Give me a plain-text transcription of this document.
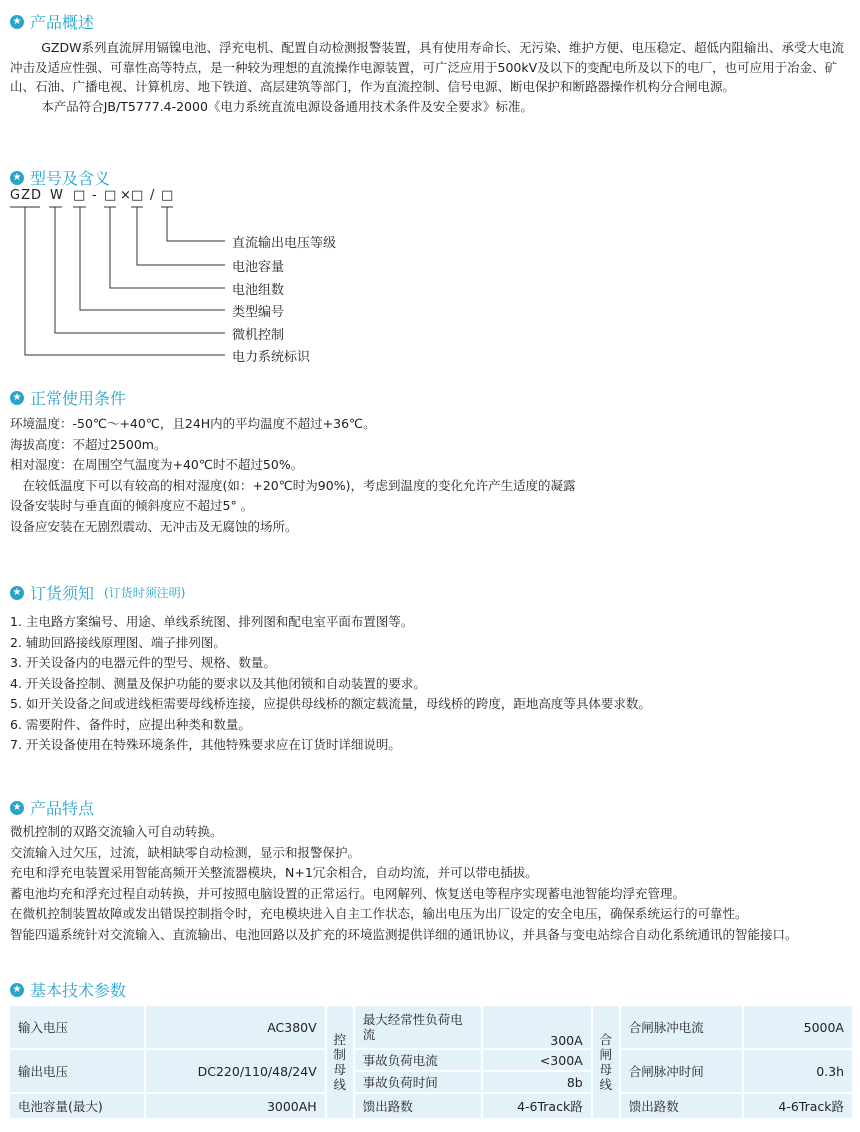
★ 产品概述

GZDW系列直流屏用镉镍电池、浮充电机、配置自动检测报警装置，具有使用寿命长、无污染、维护方便、电压稳定、超低内阻输出、承受大电流冲击及适应性强、可靠性高等特点，是一种较为理想的直流操作电源装置，可广泛应用于500kV及以下的变配电所及以下的电厂，也可应用于冶金、矿山、石油、广播电视、计算机房、地下铁道、高层建筑等部门，作为直流控制、信号电源、断电保护和断路器操作机构分合闸电源。

本产品符合JB/T5777.4-2000《电力系统直流电源设备通用技术条件及安全要求》标准。

★ 型号及含义
GZD W □ - □ × □ / □
直流输出电压等级
电池容量
电池组数
类型编号
微机控制
电力系统标识
★ 正常使用条件

环境温度：-50℃～+40℃，且24H内的平均温度不超过+36℃。

海拔高度：不超过2500m。

相对湿度：在周围空气温度为+40℃时不超过50%。

在较低温度下可以有较高的相对湿度(如：+20℃时为90%)，考虑到温度的变化允许产生适度的凝露

设备安装时与垂直面的倾斜度应不超过5° 。

设备应安装在无剧烈震动、无冲击及无腐蚀的场所。

★ 订货须知 (订货时须注明)

1. 主电路方案编号、用途、单线系统图、排列图和配电室平面布置图等。

2. 辅助回路接线原理图、端子排列图。

3. 开关设备内的电器元件的型号、规格、数量。

4. 开关设备控制、测量及保护功能的要求以及其他闭锁和自动装置的要求。

5. 如开关设备之间或进线柜需要母线桥连接，应提供母线桥的额定载流量，母线桥的跨度，距地高度等具体要求数。

6. 需要附件、备件时，应提出种类和数量。

7. 开关设备使用在特殊环境条件，其他特殊要求应在订货时详细说明。

★ 产品特点

微机控制的双路交流输入可自动转换。

交流输入过欠压，过流，缺相缺零自动检测，显示和报警保护。

充电和浮充电装置采用智能高频开关整流器模块，N+1冗余相合，自动均流，并可以带电插拔。

蓄电池均充和浮充过程自动转换，并可按照电脑设置的正常运行。电网解列、恢复送电等程序实现蓄电池智能均浮充管理。

在微机控制装置故障或发出错误控制指令时，充电模块进入自主工作状态，输出电压为出厂设定的安全电压，确保系统运行的可靠性。

智能四遥系统针对交流输入、直流输出、电池回路以及扩充的环境监测提供详细的通讯协议，并具备与变电站综合自动化系统通讯的智能接口。

★ 基本技术参数
输入电压	AC380V	控制母线	最大经常性负荷电流	300A	合闸母线	合闸脉冲电流	5000A
输出电压	DC220/110/48/24V		事故负荷电流	<300A		合闸脉冲时间	0.3h
			事故负荷时间	8b			
电池容量(最大)	3000AH		馈出路数	4-6Track路		馈出路数	4-6Track路
